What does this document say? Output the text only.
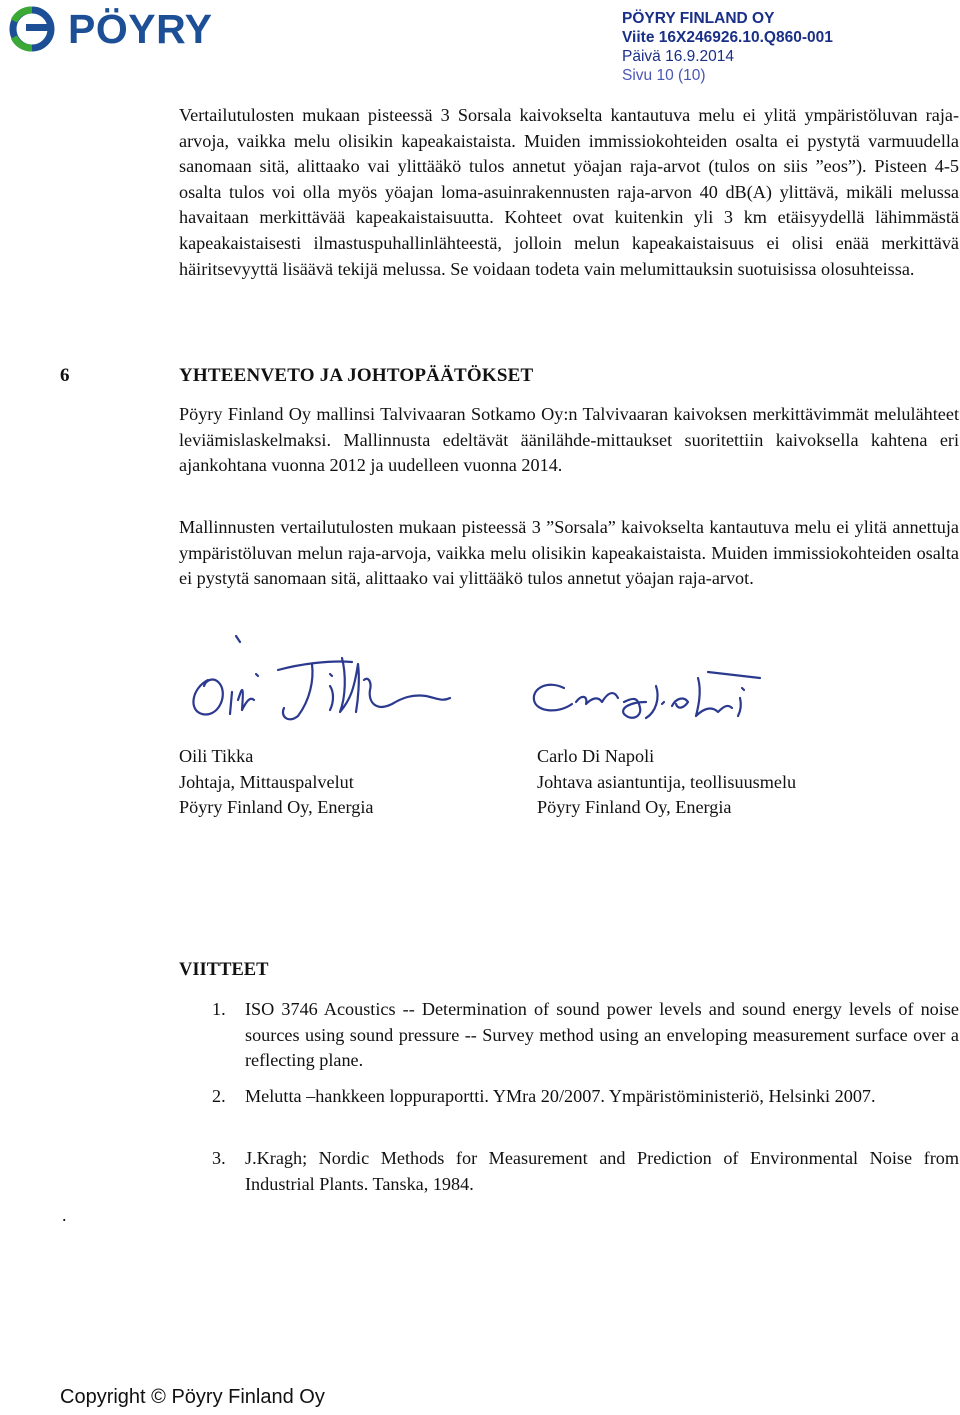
PÖYRY	PÖYRY FINLAND OY
Viite 16X246926.10.Q860-001
Päivä 16.9.2014
Sivu 10 (10)

Vertailutulosten mukaan pisteessä 3 Sorsala kaivokselta kantautuva melu ei ylitä ympäristöluvan raja-arvoja, vaikka melu olisikin kapeakaistaista. Muiden immissiokohteiden osalta ei pystytä varmuudella sanomaan sitä, alittaako vai ylittääkö tulos annetut yöajan raja-arvot (tulos on siis ”eos”). Pisteen 4-5 osalta tulos voi olla myös yöajan loma-asuinrakennusten raja-arvon 40 dB(A) ylittävä, mikäli melussa havaitaan merkittävää kapeakaistaisuutta. Kohteet ovat kuitenkin yli 3 km etäisyydellä lähimmästä kapeakaistaisesti ilmastuspuhallinlähteestä, jolloin melun kapeakaistaisuus ei olisi enää merkittävä häiritsevyyttä lisäävä tekijä melussa. Se voidaan todeta vain melumittauksin suotuisissa olosuhteissa.

6	YHTEENVETO JA JOHTOPÄÄTÖKSET

Pöyry Finland Oy mallinsi Talvivaaran Sotkamo Oy:n Talvivaaran kaivoksen merkittävimmät melulähteet leviämislaskelmaksi. Mallinnusta edeltävät äänilähde-mittaukset suoritettiin kaivoksella kahtena eri ajankohtana vuonna 2012 ja uudelleen vuonna 2014.

Mallinnusten vertailutulosten mukaan pisteessä 3 ”Sorsala” kaivokselta kantautuva melu ei ylitä annettuja ympäristöluvan melun raja-arvoja, vaikka melu olisikin kapeakaistaista. Muiden immissiokohteiden osalta ei pystytä sanomaan sitä, alittaako vai ylittääkö tulos annetut yöajan raja-arvot.

Oili Tikka
Johtaja, Mittauspalvelut
Pöyry Finland Oy, Energia
Carlo Di Napoli
Johtava asiantuntija, teollisuusmelu
Pöyry Finland Oy, Energia
VIITTEET
1. ISO 3746 Acoustics -- Determination of sound power levels and sound energy levels of noise sources using sound pressure -- Survey method using an enveloping measurement surface over a reflecting plane.
2. Melutta –hankkeen loppuraportti. YMra 20/2007. Ympäristöministeriö, Helsinki 2007.
3. J.Kragh; Nordic Methods for Measurement and Prediction of Environmental Noise from Industrial Plants. Tanska, 1984.
.
Copyright © Pöyry Finland Oy
